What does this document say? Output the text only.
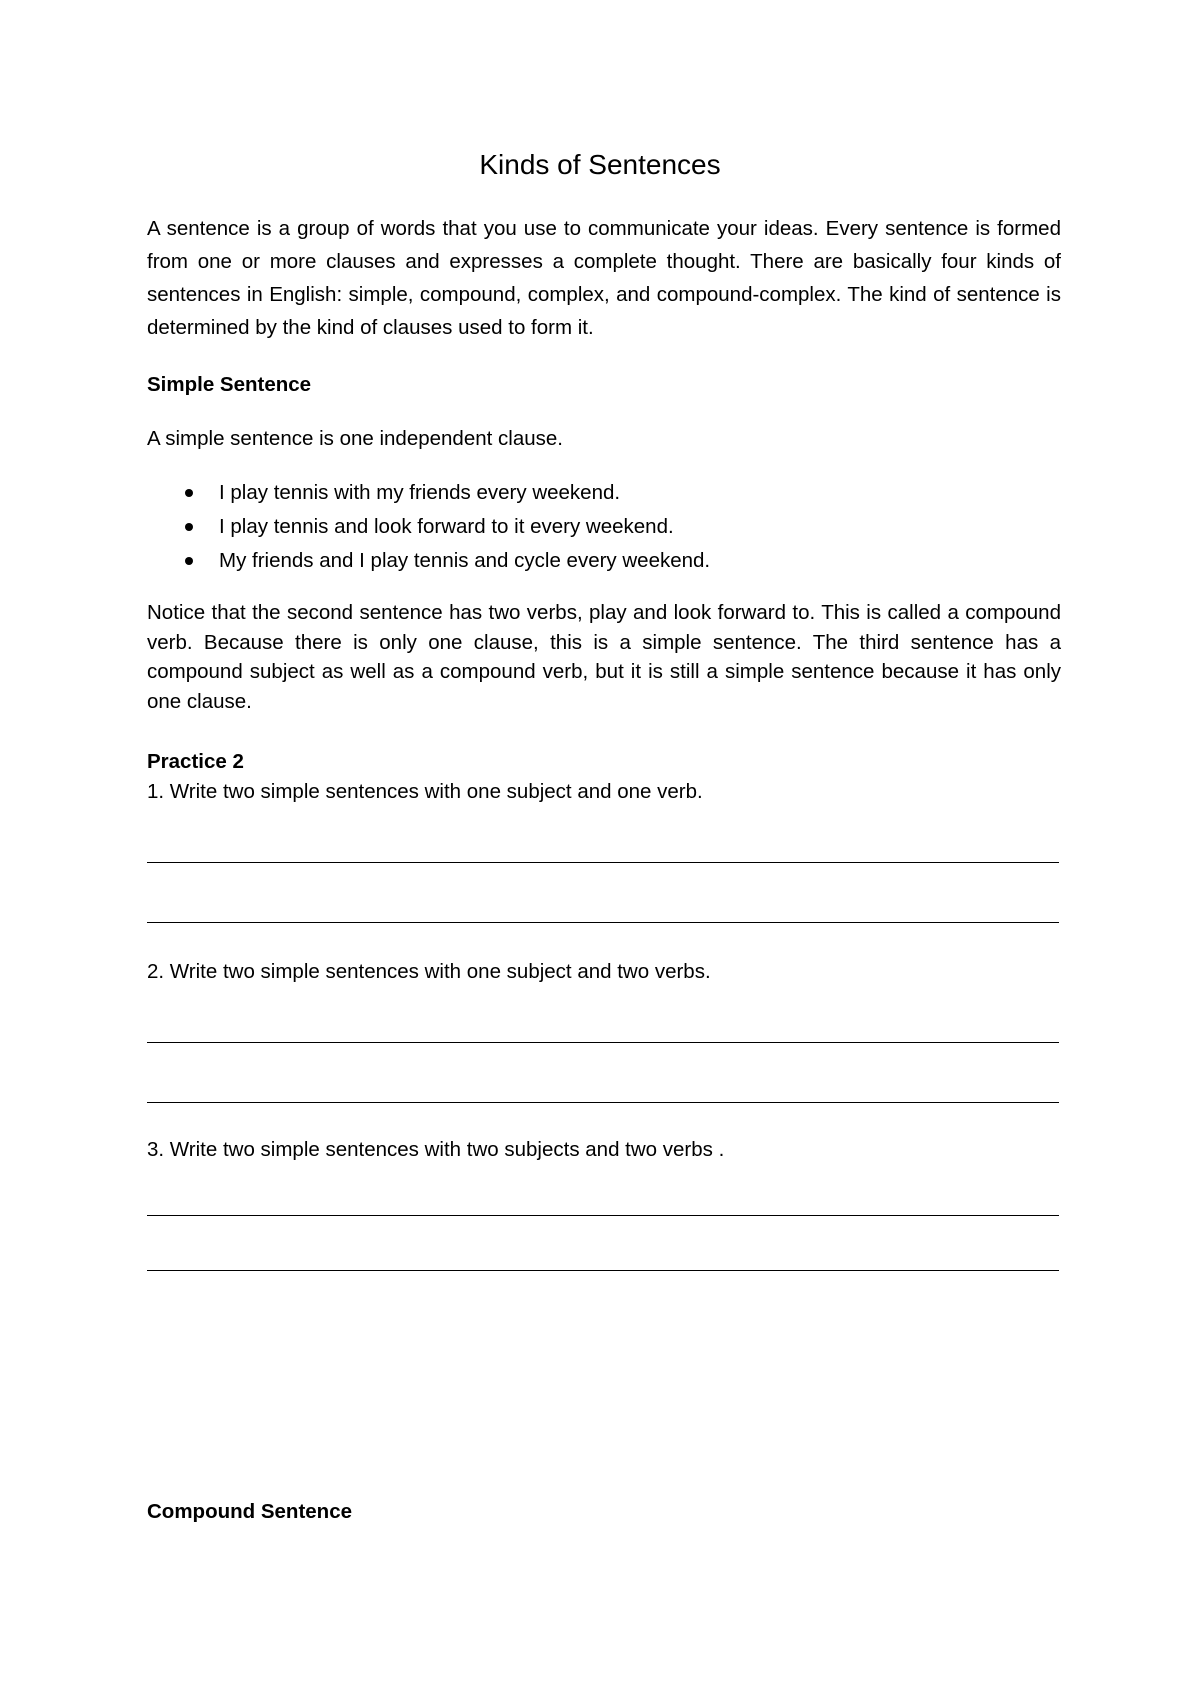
Kinds of Sentences

A sentence is a group of words that you use to communicate your ideas. Every sentence is formed from one or more clauses and expresses a complete thought. There are basically four kinds of sentences in English: simple, compound, complex, and compound-complex. The kind of sentence is determined by the kind of clauses used to form it.

Simple Sentence

A simple sentence is one independent clause.

I play tennis with my friends every weekend.
I play tennis and look forward to it every weekend.
My friends and I play tennis and cycle every weekend.

Notice that the second sentence has two verbs, play and look forward to. This is called a compound verb. Because there is only one clause, this is a simple sentence. The third sentence has a compound subject as well as a compound verb, but it is still a simple sentence because it has only one clause.

Practice 2

1. Write two simple sentences with one subject and one verb.

2. Write two simple sentences with one subject and two verbs.

3. Write two simple sentences with two subjects and two verbs .

Compound Sentence
